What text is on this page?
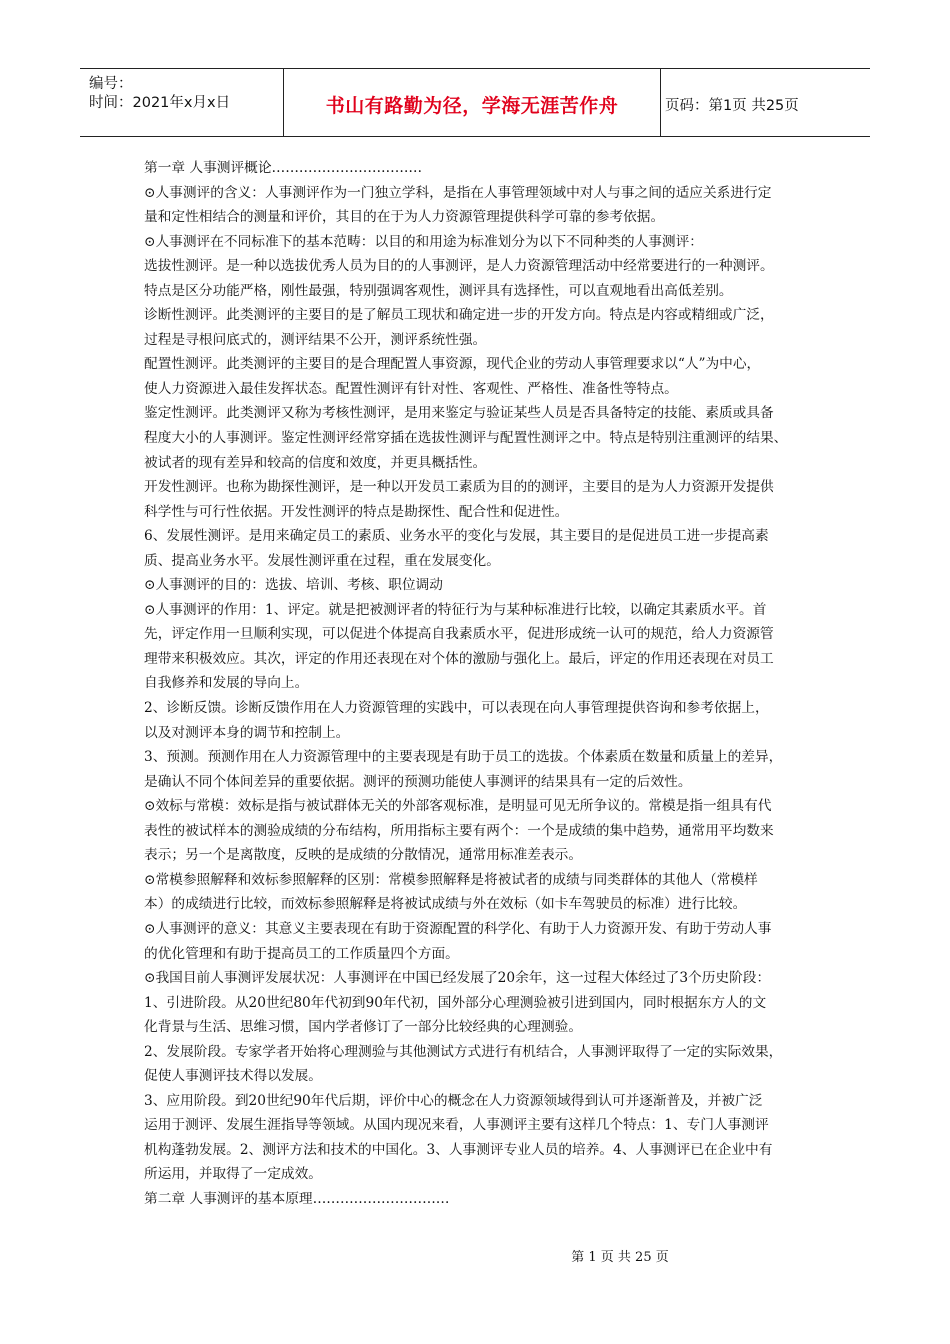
编号：
时间：2021年x月x日	书山有路勤为径，学海无涯苦作舟	页码：第1页 共25页

第一章 人事测评概论……………………………

⊙人事测评的含义：人事测评作为一门独立学科，是指在人事管理领域中对人与事之间的适应关系进行定

量和定性相结合的测量和评价，其目的在于为人力资源管理提供科学可靠的参考依据。

⊙人事测评在不同标准下的基本范畴：以目的和用途为标准划分为以下不同种类的人事测评：

选拔性测评。是一种以选拔优秀人员为目的的人事测评，是人力资源管理活动中经常要进行的一种测评。

特点是区分功能严格，刚性最强，特别强调客观性，测评具有选择性，可以直观地看出高低差别。

诊断性测评。此类测评的主要目的是了解员工现状和确定进一步的开发方向。特点是内容或精细或广泛，

过程是寻根问底式的，测评结果不公开，测评系统性强。

配置性测评。此类测评的主要目的是合理配置人事资源，现代企业的劳动人事管理要求以“人”为中心，

使人力资源进入最佳发挥状态。配置性测评有针对性、客观性、严格性、准备性等特点。

鉴定性测评。此类测评又称为考核性测评，是用来鉴定与验证某些人员是否具备特定的技能、素质或具备

程度大小的人事测评。鉴定性测评经常穿插在选拔性测评与配置性测评之中。特点是特别注重测评的结果、

被试者的现有差异和较高的信度和效度，并更具概括性。

开发性测评。也称为勘探性测评，是一种以开发员工素质为目的的测评，主要目的是为人力资源开发提供

科学性与可行性依据。开发性测评的特点是勘探性、配合性和促进性。

6、发展性测评。是用来确定员工的素质、业务水平的变化与发展，其主要目的是促进员工进一步提高素

质、提高业务水平。发展性测评重在过程，重在发展变化。

⊙人事测评的目的：选拔、培训、考核、职位调动

⊙人事测评的作用：1、评定。就是把被测评者的特征行为与某种标准进行比较，以确定其素质水平。首

先，评定作用一旦顺利实现，可以促进个体提高自我素质水平，促进形成统一认可的规范，给人力资源管

理带来积极效应。其次，评定的作用还表现在对个体的激励与强化上。最后，评定的作用还表现在对员工

自我修养和发展的导向上。

2、诊断反馈。诊断反馈作用在人力资源管理的实践中，可以表现在向人事管理提供咨询和参考依据上，

以及对测评本身的调节和控制上。

3、预测。预测作用在人力资源管理中的主要表现是有助于员工的选拔。个体素质在数量和质量上的差异，

是确认不同个体间差异的重要依据。测评的预测功能使人事测评的结果具有一定的后效性。

⊙效标与常模：效标是指与被试群体无关的外部客观标准，是明显可见无所争议的。常模是指一组具有代

表性的被试样本的测验成绩的分布结构，所用指标主要有两个：一个是成绩的集中趋势，通常用平均数来

表示；另一个是离散度，反映的是成绩的分散情况，通常用标准差表示。

⊙常模参照解释和效标参照解释的区别：常模参照解释是将被试者的成绩与同类群体的其他人（常模样

本）的成绩进行比较，而效标参照解释是将被试成绩与外在效标（如卡车驾驶员的标准）进行比较。

⊙人事测评的意义：其意义主要表现在有助于资源配置的科学化、有助于人力资源开发、有助于劳动人事

的优化管理和有助于提高员工的工作质量四个方面。

⊙我国目前人事测评发展状况：人事测评在中国已经发展了20余年，这一过程大体经过了3个历史阶段：

1、引进阶段。从20世纪80年代初到90年代初，国外部分心理测验被引进到国内，同时根据东方人的文

化背景与生活、思维习惯，国内学者修订了一部分比较经典的心理测验。

2、发展阶段。专家学者开始将心理测验与其他测试方式进行有机结合，人事测评取得了一定的实际效果，

促使人事测评技术得以发展。

3、应用阶段。到20世纪90年代后期，评价中心的概念在人力资源领域得到认可并逐渐普及，并被广泛

运用于测评、发展生涯指导等领域。从国内现况来看，人事测评主要有这样几个特点：1、专门人事测评

机构蓬勃发展。2、测评方法和技术的中国化。3、人事测评专业人员的培养。4、人事测评已在企业中有

所运用，并取得了一定成效。

第二章 人事测评的基本原理…………………………

第 1 页 共 25 页
